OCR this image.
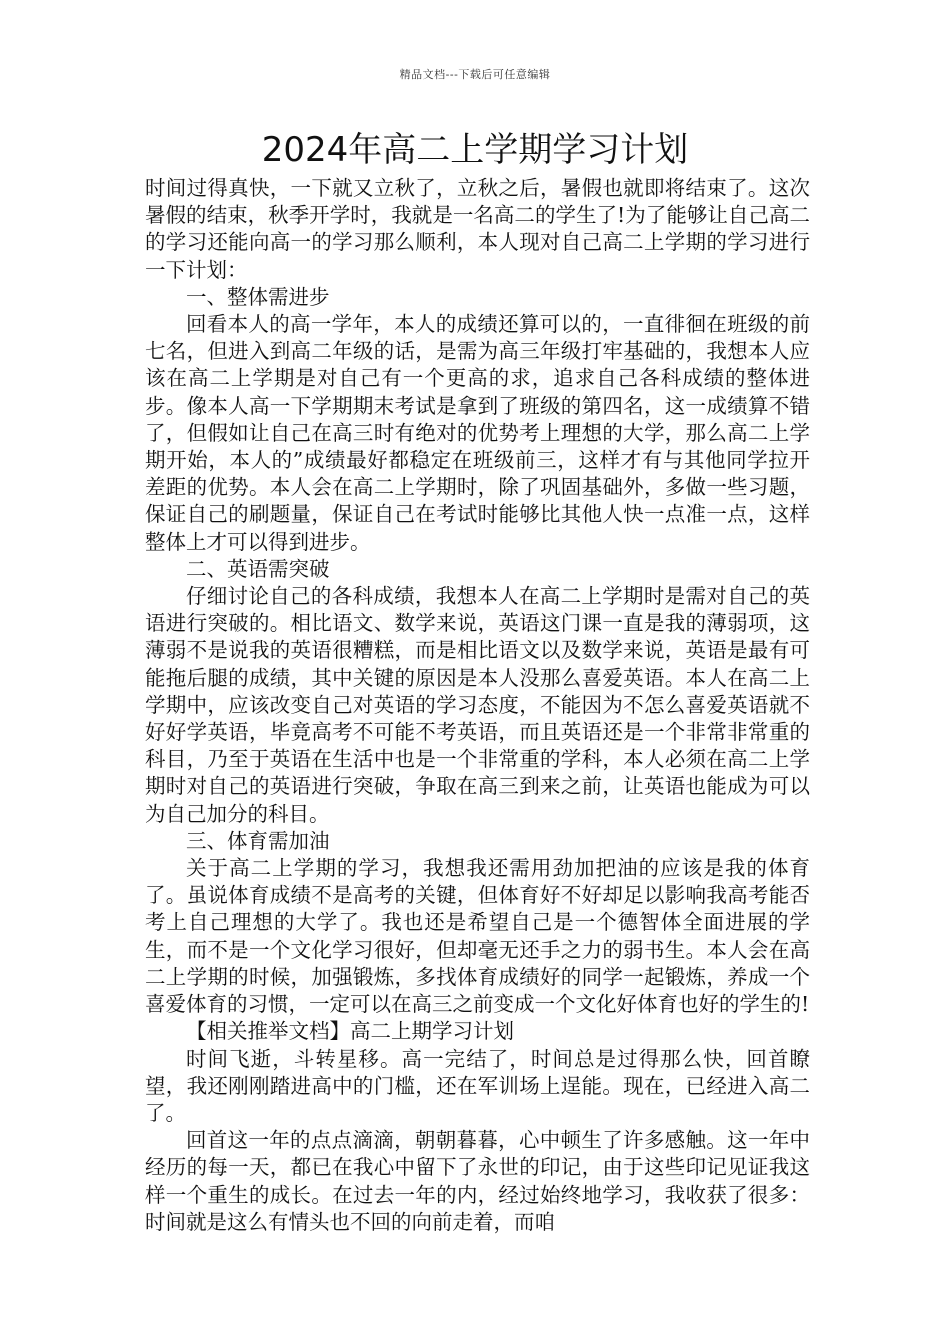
精品文档---下载后可任意编辑
2024年高二上学期学习计划

时间过得真快，一下就又立秋了，立秋之后，暑假也就即将结束了。这次暑假的结束，秋季开学时，我就是一名高二的学生了!为了能够让自己高二的学习还能向高一的学习那么顺利，本人现对自己高二上学期的学习进行一下计划：

一、整体需进步

回看本人的高一学年，本人的成绩还算可以的，一直徘徊在班级的前七名，但进入到高二年级的话，是需为高三年级打牢基础的，我想本人应该在高二上学期是对自己有一个更高的求，追求自己各科成绩的整体进步。像本人高一下学期期末考试是拿到了班级的第四名，这一成绩算不错了，但假如让自己在高三时有绝对的优势考上理想的大学，那么高二上学期开始，本人的”成绩最好都稳定在班级前三，这样才有与其他同学拉开差距的优势。本人会在高二上学期时，除了巩固基础外，多做一些习题，保证自己的刷题量，保证自己在考试时能够比其他人快一点准一点，这样整体上才可以得到进步。

二、英语需突破

仔细讨论自己的各科成绩，我想本人在高二上学期时是需对自己的英语进行突破的。相比语文、数学来说，英语这门课一直是我的薄弱项，这薄弱不是说我的英语很糟糕，而是相比语文以及数学来说，英语是最有可能拖后腿的成绩，其中关键的原因是本人没那么喜爱英语。本人在高二上学期中，应该改变自己对英语的学习态度，不能因为不怎么喜爱英语就不好好学英语，毕竟高考不可能不考英语，而且英语还是一个非常非常重的科目，乃至于英语在生活中也是一个非常重的学科，本人必须在高二上学期时对自己的英语进行突破，争取在高三到来之前，让英语也能成为可以为自己加分的科目。

三、体育需加油

关于高二上学期的学习，我想我还需用劲加把油的应该是我的体育了。虽说体育成绩不是高考的关键，但体育好不好却足以影响我高考能否考上自己理想的大学了。我也还是希望自己是一个德智体全面进展的学生，而不是一个文化学习很好，但却毫无还手之力的弱书生。本人会在高二上学期的时候，加强锻炼，多找体育成绩好的同学一起锻炼，养成一个喜爱体育的习惯，一定可以在高三之前变成一个文化好体育也好的学生的!

【相关推举文档】高二上期学习计划

时间飞逝，斗转星移。高一完结了，时间总是过得那么快，回首瞭望，我还刚刚踏进高中的门槛，还在军训场上逞能。现在，已经进入高二了。

回首这一年的点点滴滴，朝朝暮暮，心中顿生了许多感触。这一年中经历的每一天，都已在我心中留下了永世的印记，由于这些印记见证我这样一个重生的成长。在过去一年的内，经过始终地学习，我收获了很多：时间就是这么有情头也不回的向前走着，而咱
